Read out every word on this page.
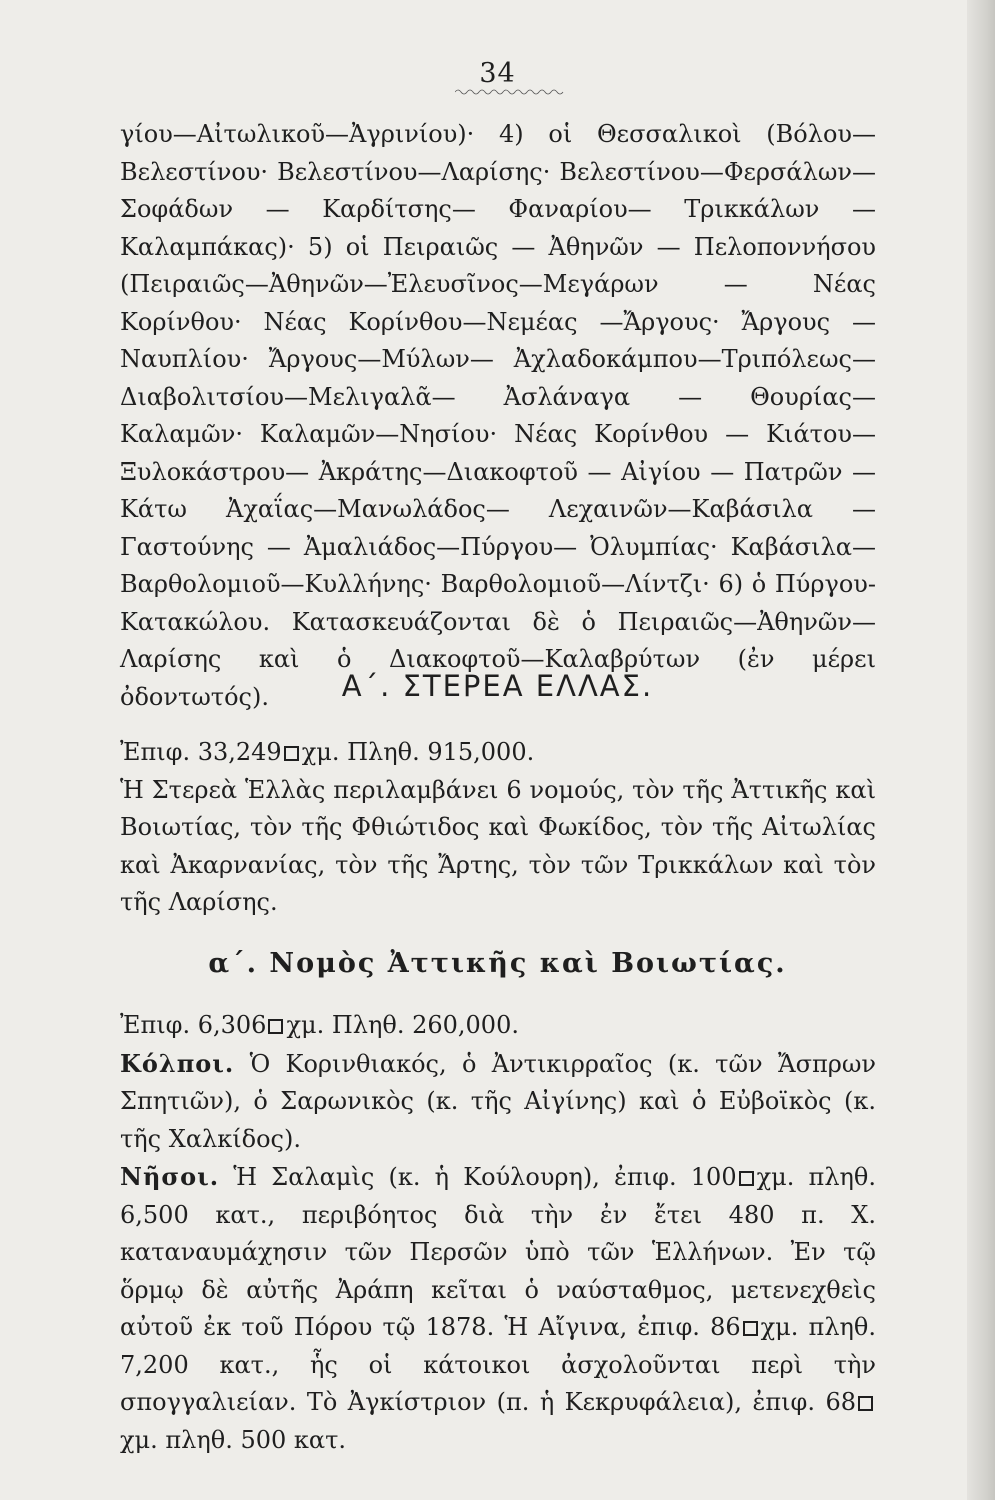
34

γίου—Αἰτωλικοῦ—Ἀγρινίου)· 4) οἱ Θεσσαλικοὶ (Βόλου—Βελεστίνου· Βελεστίνου—Λαρίσης· Βελεστίνου—Φερσάλων—Σοφάδων — Καρδίτσης— Φαναρίου— Τρικκάλων — Καλαμπάκας)· 5) οἱ Πειραιῶς — Ἀθηνῶν — Πελοποννήσου (Πειραιῶς—Ἀθηνῶν—Ἐλευσῖνος—Μεγάρων — Νέας Κορίνθου· Νέας Κορίνθου—Νεμέας —Ἄργους· Ἄργους — Ναυπλίου· Ἄργους—Μύλων— Ἀχλαδοκάμπου—Τριπόλεως— Διαβολιτσίου—Μελιγαλᾶ— Ἀσλάναγα — Θουρίας—Καλαμῶν· Καλαμῶν—Νησίου· Νέας Κορίνθου — Κιάτου—Ξυλοκάστρου— Ἀκράτης—Διακοφτοῦ — Αἰγίου — Πατρῶν —Κάτω Ἀχαΐας—Μανωλάδος— Λεχαινῶν—Καβάσιλα — Γαστούνης — Ἀμαλιάδος—Πύργου— Ὀλυμπίας· Καβάσιλα—Βαρθολομιοῦ—Κυλλήνης· Βαρθολομιοῦ—Λίντζι· 6) ὁ Πύργου-Κατακώλου. Κατασκευάζονται δὲ ὁ Πειραιῶς—Ἀθηνῶν—Λαρίσης καὶ ὁ Διακοφτοῦ—Καλαβρύτων (ἐν μέρει ὀδοντωτός).	Α΄. ΣΤΕΡΕΑ ΕΛΛΑΣ.

Ἐπιφ. 33,249 χμ. Πληθ. 915,000.

Ἡ Στερεὰ Ἑλλὰς περιλαμβάνει 6 νομούς, τὸν τῆς Ἀττικῆς καὶ Βοιωτίας, τὸν τῆς Φθιώτιδος καὶ Φωκίδος, τὸν τῆς Αἰτωλίας καὶ Ἀκαρνανίας, τὸν τῆς Ἄρτης, τὸν τῶν Τρικκάλων καὶ τὸν τῆς Λαρίσης.

α΄. Νομὸς Ἀττικῆς καὶ Βοιωτίας.

Ἐπιφ. 6,306 χμ. Πληθ. 260,000.

Κόλποι. Ὁ Κορινθιακός, ὁ Ἀντικιρραῖος (κ. τῶν Ἄσπρων Σπητιῶν), ὁ Σαρωνικὸς (κ. τῆς Αἰγίνης) καὶ ὁ Εὐβοϊκὸς (κ. τῆς Χαλκίδος).

Νῆσοι. Ἡ Σαλαμὶς (κ. ἡ Κούλουρη), ἐπιφ. 100 χμ. πληθ. 6,500 κατ., περιβόητος διὰ τὴν ἐν ἔτει 480 π. Χ. καταναυμάχησιν τῶν Περσῶν ὑπὸ τῶν Ἑλλήνων. Ἐν τῷ ὅρμῳ δὲ αὐτῆς Ἀράπη κεῖται ὁ ναύσταθμος, μετενεχθεὶς αὐτοῦ ἐκ τοῦ Πόρου τῷ 1878. Ἡ Αἴγινα, ἐπιφ. 86 χμ. πληθ. 7,200 κατ., ἧς οἱ κάτοικοι ἀσχολοῦνται περὶ τὴν σπογγαλιείαν. Τὸ Ἀγκίστριον (π. ἡ Κεκρυφάλεια), ἐπιφ. 68χμ. πληθ. 500 κατ.
